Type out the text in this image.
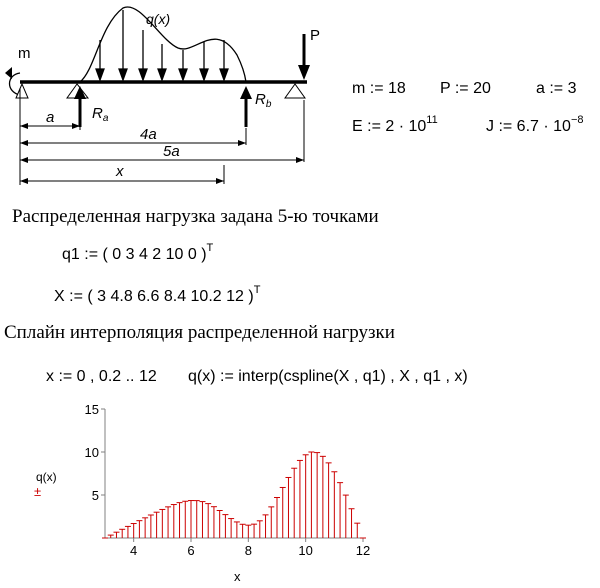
m
P
q(x)
$R_a$
$R_b$
a
4a
5a
x
m := 18 P := 20	a := 3
E := $2 \cdot 10^{11}$	J := $6.7 \cdot 10^{-8}$
Распределенная нагрузка задана 5-ю точками
q1 := ( 0 3 4 2 10 0 )$^T$
X := ( 3 4.8 6.6 8.4 10.2 12 )$^T$
Сплайн интерполяция распределенной нагрузки
x := 0 , 0.2 .. 12 q(x) := interp(cspline(X , q1) , X , q1 , x)
4	6	8	10	12
5
10
15
q(x)
±
x
